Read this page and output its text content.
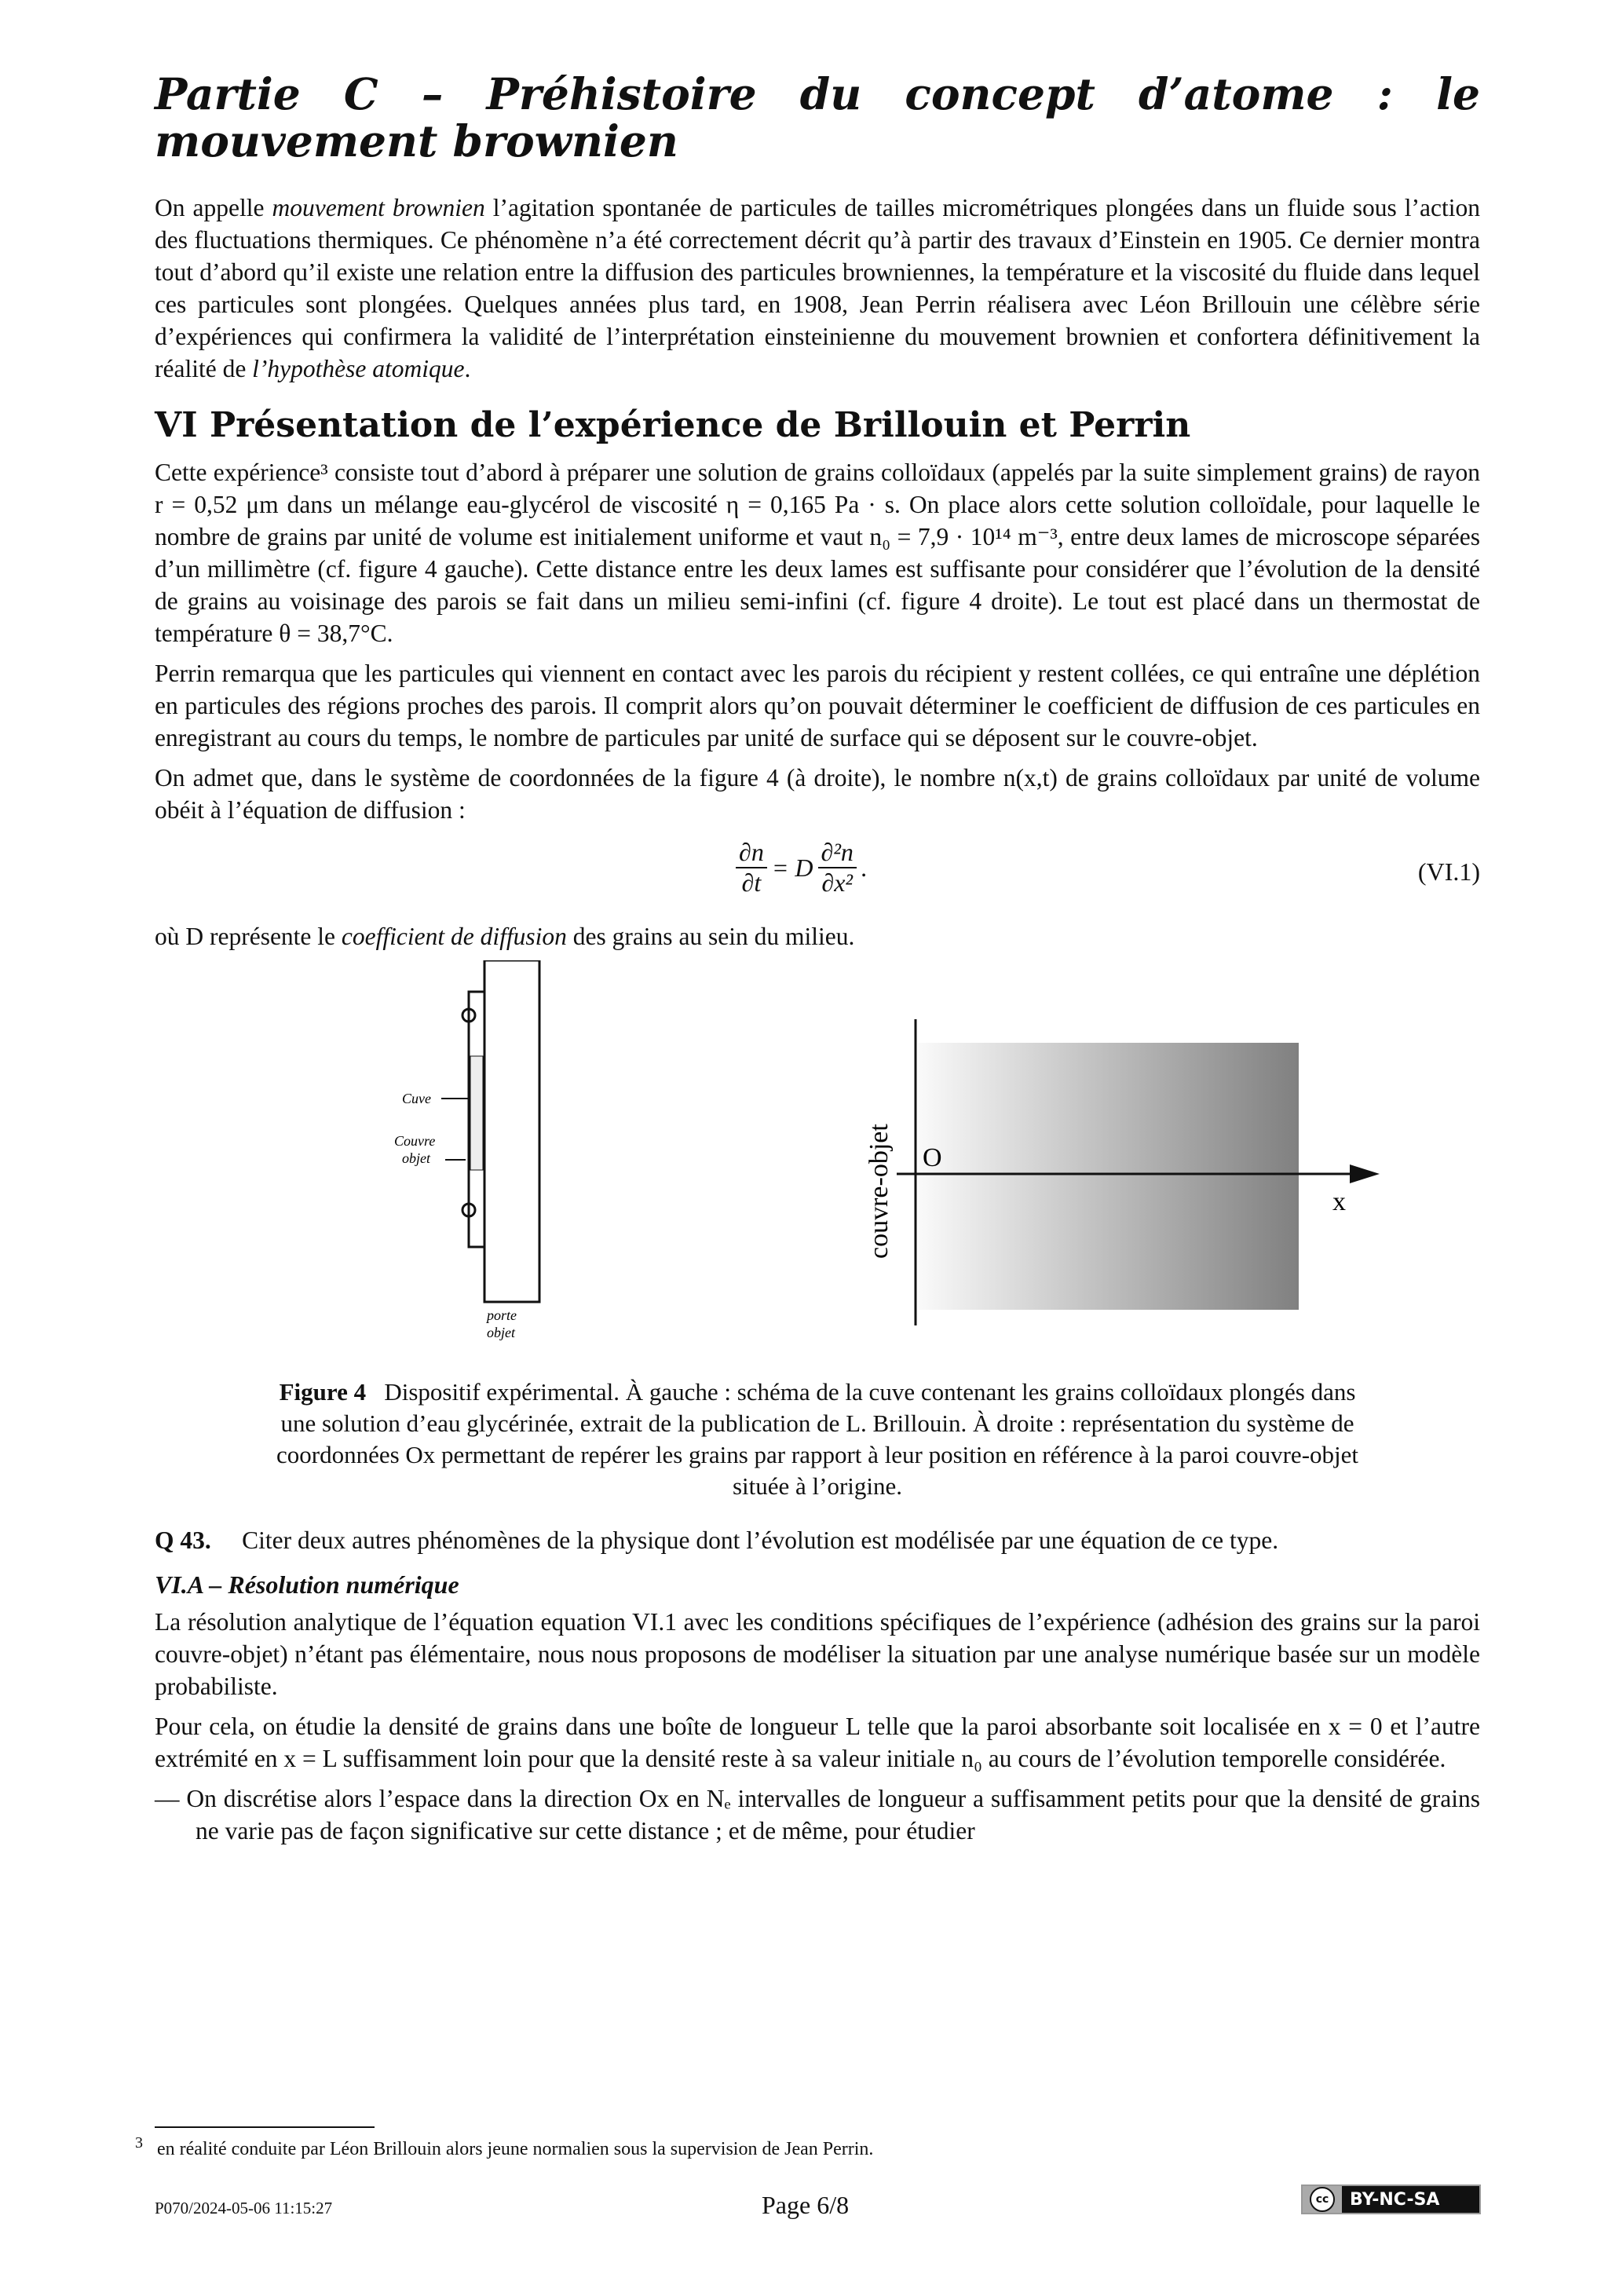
Partie C – Préhistoire du concept d’atome : le mouvement brownien

On appelle mouvement brownien l’agitation spontanée de particules de tailles micrométriques plongées dans un fluide sous l’action des fluctuations thermiques. Ce phénomène n’a été correctement décrit qu’à partir des travaux d’Einstein en 1905. Ce dernier montra tout d’abord qu’il existe une relation entre la diffusion des particules browniennes, la température et la viscosité du fluide dans lequel ces particules sont plongées. Quelques années plus tard, en 1908, Jean Perrin réalisera avec Léon Brillouin une célèbre série d’expériences qui confirmera la validité de l’interprétation einsteinienne du mouvement brownien et confortera définitivement la réalité de l’hypothèse atomique.

VI Présentation de l’expérience de Brillouin et Perrin

Cette expérience³ consiste tout d’abord à préparer une solution de grains colloïdaux (appelés par la suite simplement grains) de rayon r = 0,52 μm dans un mélange eau-glycérol de viscosité η = 0,165 Pa · s. On place alors cette solution colloïdale, pour laquelle le nombre de grains par unité de volume est initialement uniforme et vaut n₀ = 7,9 · 10¹⁴ m⁻³, entre deux lames de microscope séparées d’un millimètre (cf. figure 4 gauche). Cette distance entre les deux lames est suffisante pour considérer que l’évolution de la densité de grains au voisinage des parois se fait dans un milieu semi-infini (cf. figure 4 droite). Le tout est placé dans un thermostat de température θ = 38,7°C.

Perrin remarqua que les particules qui viennent en contact avec les parois du récipient y restent collées, ce qui entraîne une déplétion en particules des régions proches des parois. Il comprit alors qu’on pouvait déterminer le coefficient de diffusion de ces particules en enregistrant au cours du temps, le nombre de particules par unité de surface qui se déposent sur le couvre-objet.

On admet que, dans le système de coordonnées de la figure 4 (à droite), le nombre n(x,t) de grains colloïdaux par unité de volume obéit à l’équation de diffusion :

$\frac{\partial n}{\partial t} = D \frac{\text{∂²n}}{\text{∂x²}}$ .	(VI.1)

où D représente le coefficient de diffusion des grains au sein du milieu.

Cuve
Couvre
objet
porte
objet
O
x
couvre-objet
Figure 4 Dispositif expérimental. À gauche : schéma de la cuve contenant les grains colloïdaux plongés dans une solution d’eau glycérinée, extrait de la publication de L. Brillouin. À droite : représentation du système de coordonnées Ox permettant de repérer les grains par rapport à leur position en référence à la paroi couvre-objet située à l’origine.
Q 43. Citer deux autres phénomènes de la physique dont l’évolution est modélisée par une équation de ce type.
VI.A – Résolution numérique

La résolution analytique de l’équation equation VI.1 avec les conditions spécifiques de l’expérience (adhésion des grains sur la paroi couvre-objet) n’étant pas élémentaire, nous nous proposons de modéliser la situation par une analyse numérique basée sur un modèle probabiliste.

Pour cela, on étudie la densité de grains dans une boîte de longueur L telle que la paroi absorbante soit localisée en x = 0 et l’autre extrémité en x = L suffisamment loin pour que la densité reste à sa valeur initiale n₀ au cours de l’évolution temporelle considérée.

— On discrétise alors l’espace dans la direction Ox en Nₑ intervalles de longueur a suffisamment petits pour que la densité de grains ne varie pas de façon significative sur cette distance ; et de même, pour étudier
$^3$ en réalité conduite par Léon Brillouin alors jeune normalien sous la supervision de Jean Perrin.
P070/2024-05-06 11:15:27	Page 6/8	cc	BY-NC-SA
